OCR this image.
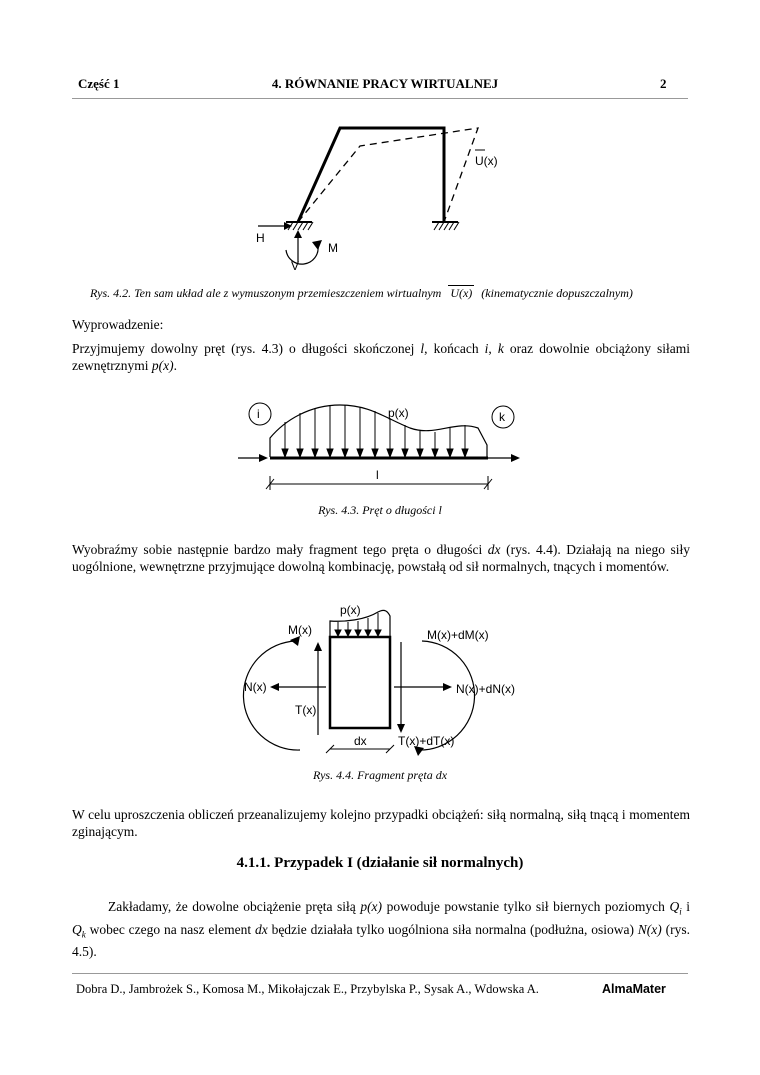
Część 1	4. RÓWNANIE PRACY WIRTUALNEJ	2
H
V
M
U(x)
Rys. 4.2. Ten sam układ ale z wymuszonym przemieszczeniem wirtualnym U(x) (kinematycznie dopuszczalnym)
Wyprowadzenie:
Przyjmujemy dowolny pręt (rys. 4.3) o długości skończonej l, końcach i, k oraz dowolnie obciążony siłami zewnętrznymi p(x).
i	k
p(x)
l
Rys. 4.3. Pręt o długości l
Wyobraźmy sobie następnie bardzo mały fragment tego pręta o długości dx (rys. 4.4). Działają na niego siły uogólnione, wewnętrzne przyjmujące dowolną kombinację, powstałą od sił normalnych, tnących i momentów.
p(x)
M(x)	M(x)+dM(x)
N(x)	N(x)+dN(x)
T(x)
T(x)+dT(x)
dx
Rys. 4.4. Fragment pręta dx
W celu uproszczenia obliczeń przeanalizujemy kolejno przypadki obciążeń: siłą normalną, siłą tnącą i momentem zginającym.
4.1.1. Przypadek I (działanie sił normalnych)
Zakładamy, że dowolne obciążenie pręta siłą p(x) powoduje powstanie tylko sił biernych poziomych $Q_i$ i $Q_k$ wobec czego na nasz element dx będzie działała tylko uogólniona siła normalna (podłużna, osiowa) N(x) (rys. 4.5).
Dobra D., Jambrożek S., Komosa M., Mikołajczak E., Przybylska P., Sysak A., Wdowska A.	AlmaMater
